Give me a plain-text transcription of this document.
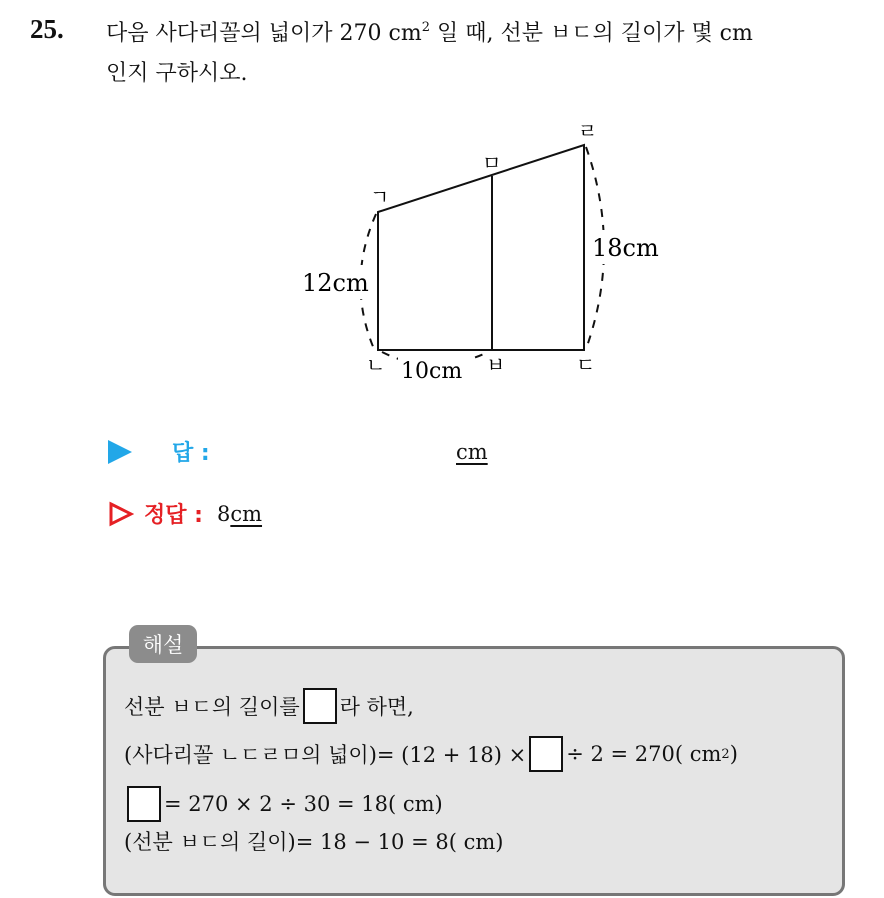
25. 다음 사다리꼴의 넓이가 270 $cm^2$ 일 때, 선분 ㅂㄷ의 길이가 몇 cm
인지 구하시오.
12cm
18cm
10cm
ㄱ
ㄹ
ㅁ
ㄴ	ㅂ	ㄷ
답 :	cm
정답 : 8cm
해설
선분 ㅂㄷ의 길이를 라 하면,
(사다리꼴 ㄴㄷㄹㅁ의 넓이)= (12 + 18) × ÷ 2 = 270( cm 2 )
= 270 × 2 ÷ 30 = 18( cm)
(선분 ㅂㄷ의 길이)= 18 − 10 = 8( cm)
